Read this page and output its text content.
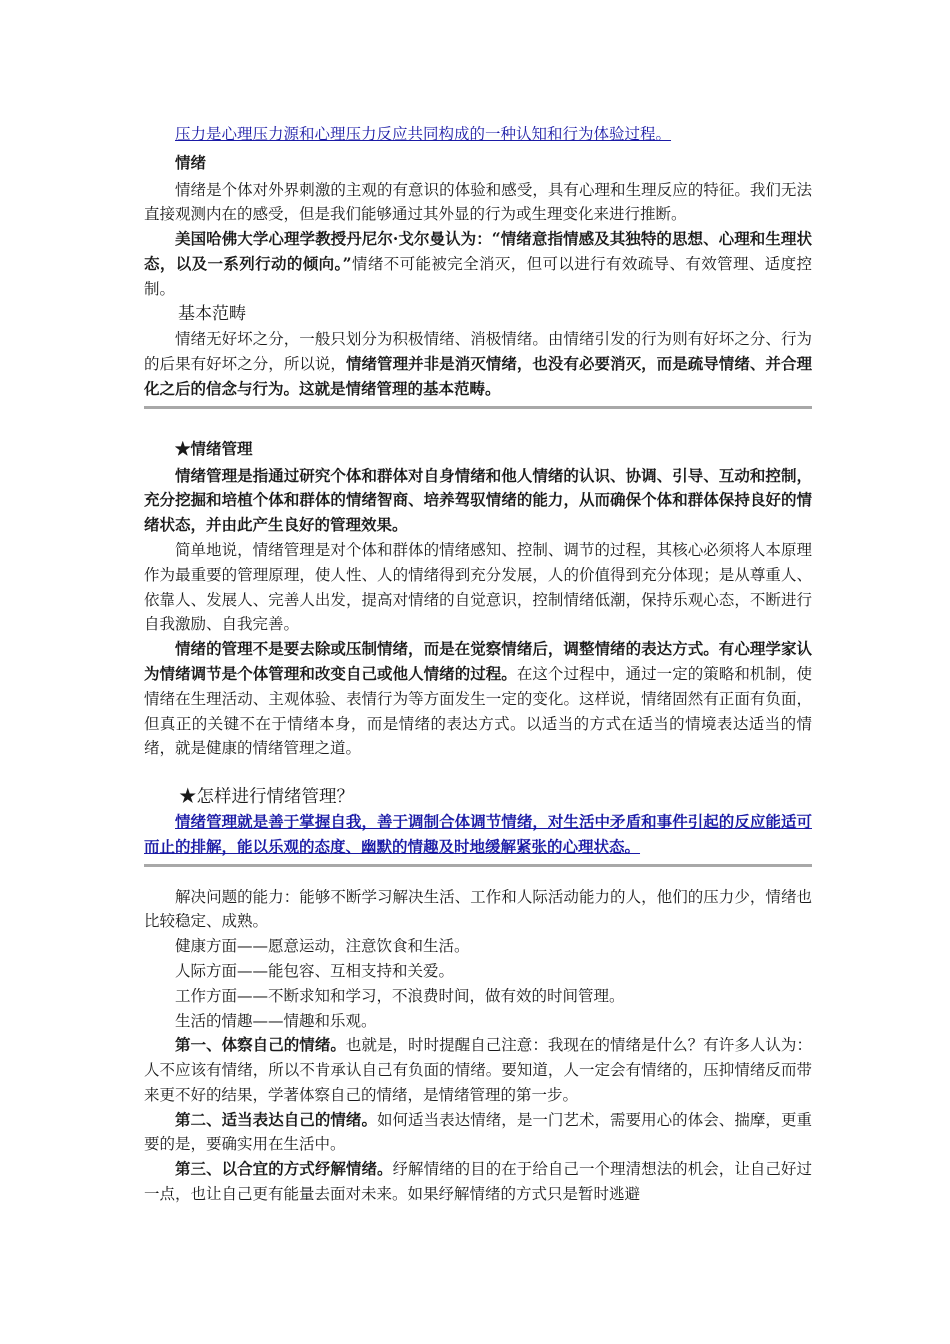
压力是心理压力源和心理压力反应共同构成的一种认知和行为体验过程。

情绪

情绪是个体对外界刺激的主观的有意识的体验和感受，具有心理和生理反应的特征。我们无法直接观测内在的感受，但是我们能够通过其外显的行为或生理变化来进行推断。

美国哈佛大学心理学教授丹尼尔·戈尔曼认为：“情绪意指情感及其独特的思想、心理和生理状态，以及一系列行动的倾向。”情绪不可能被完全消灭，但可以进行有效疏导、有效管理、适度控制。

基本范畴

情绪无好坏之分，一般只划分为积极情绪、消极情绪。由情绪引发的行为则有好坏之分、行为的后果有好坏之分，所以说，情绪管理并非是消灭情绪，也没有必要消灭，而是疏导情绪、并合理化之后的信念与行为。这就是情绪管理的基本范畴。

★情绪管理

情绪管理是指通过研究个体和群体对自身情绪和他人情绪的认识、协调、引导、互动和控制，充分挖掘和培植个体和群体的情绪智商、培养驾驭情绪的能力，从而确保个体和群体保持良好的情绪状态，并由此产生良好的管理效果。

简单地说，情绪管理是对个体和群体的情绪感知、控制、调节的过程，其核心必须将人本原理作为最重要的管理原理，使人性、人的情绪得到充分发展，人的价值得到充分体现；是从尊重人、依靠人、发展人、完善人出发，提高对情绪的自觉意识，控制情绪低潮，保持乐观心态，不断进行自我激励、自我完善。

情绪的管理不是要去除或压制情绪，而是在觉察情绪后，调整情绪的表达方式。有心理学家认为情绪调节是个体管理和改变自己或他人情绪的过程。在这个过程中，通过一定的策略和机制，使情绪在生理活动、主观体验、表情行为等方面发生一定的变化。这样说，情绪固然有正面有负面，但真正的关键不在于情绪本身，而是情绪的表达方式。以适当的方式在适当的情境表达适当的情绪，就是健康的情绪管理之道。

★怎样进行情绪管理？

情绪管理就是善于掌握自我，善于调制合体调节情绪，对生活中矛盾和事件引起的反应能适可而止的排解，能以乐观的态度、幽默的情趣及时地缓解紧张的心理状态。

解决问题的能力：能够不断学习解决生活、工作和人际活动能力的人，他们的压力少，情绪也比较稳定、成熟。

健康方面——愿意运动，注意饮食和生活。

人际方面——能包容、互相支持和关爱。

工作方面——不断求知和学习，不浪费时间，做有效的时间管理。

生活的情趣——情趣和乐观。

第一、体察自己的情绪。也就是，时时提醒自己注意：我现在的情绪是什么？有许多人认为：人不应该有情绪，所以不肯承认自己有负面的情绪。要知道，人一定会有情绪的，压抑情绪反而带来更不好的结果，学著体察自己的情绪，是情绪管理的第一步。

第二、适当表达自己的情绪。如何适当表达情绪，是一门艺术，需要用心的体会、揣摩，更重要的是，要确实用在生活中。

第三、以合宜的方式纾解情绪。纾解情绪的目的在于给自己一个理清想法的机会，让自己好过一点，也让自己更有能量去面对未来。如果纾解情绪的方式只是暂时逃避
